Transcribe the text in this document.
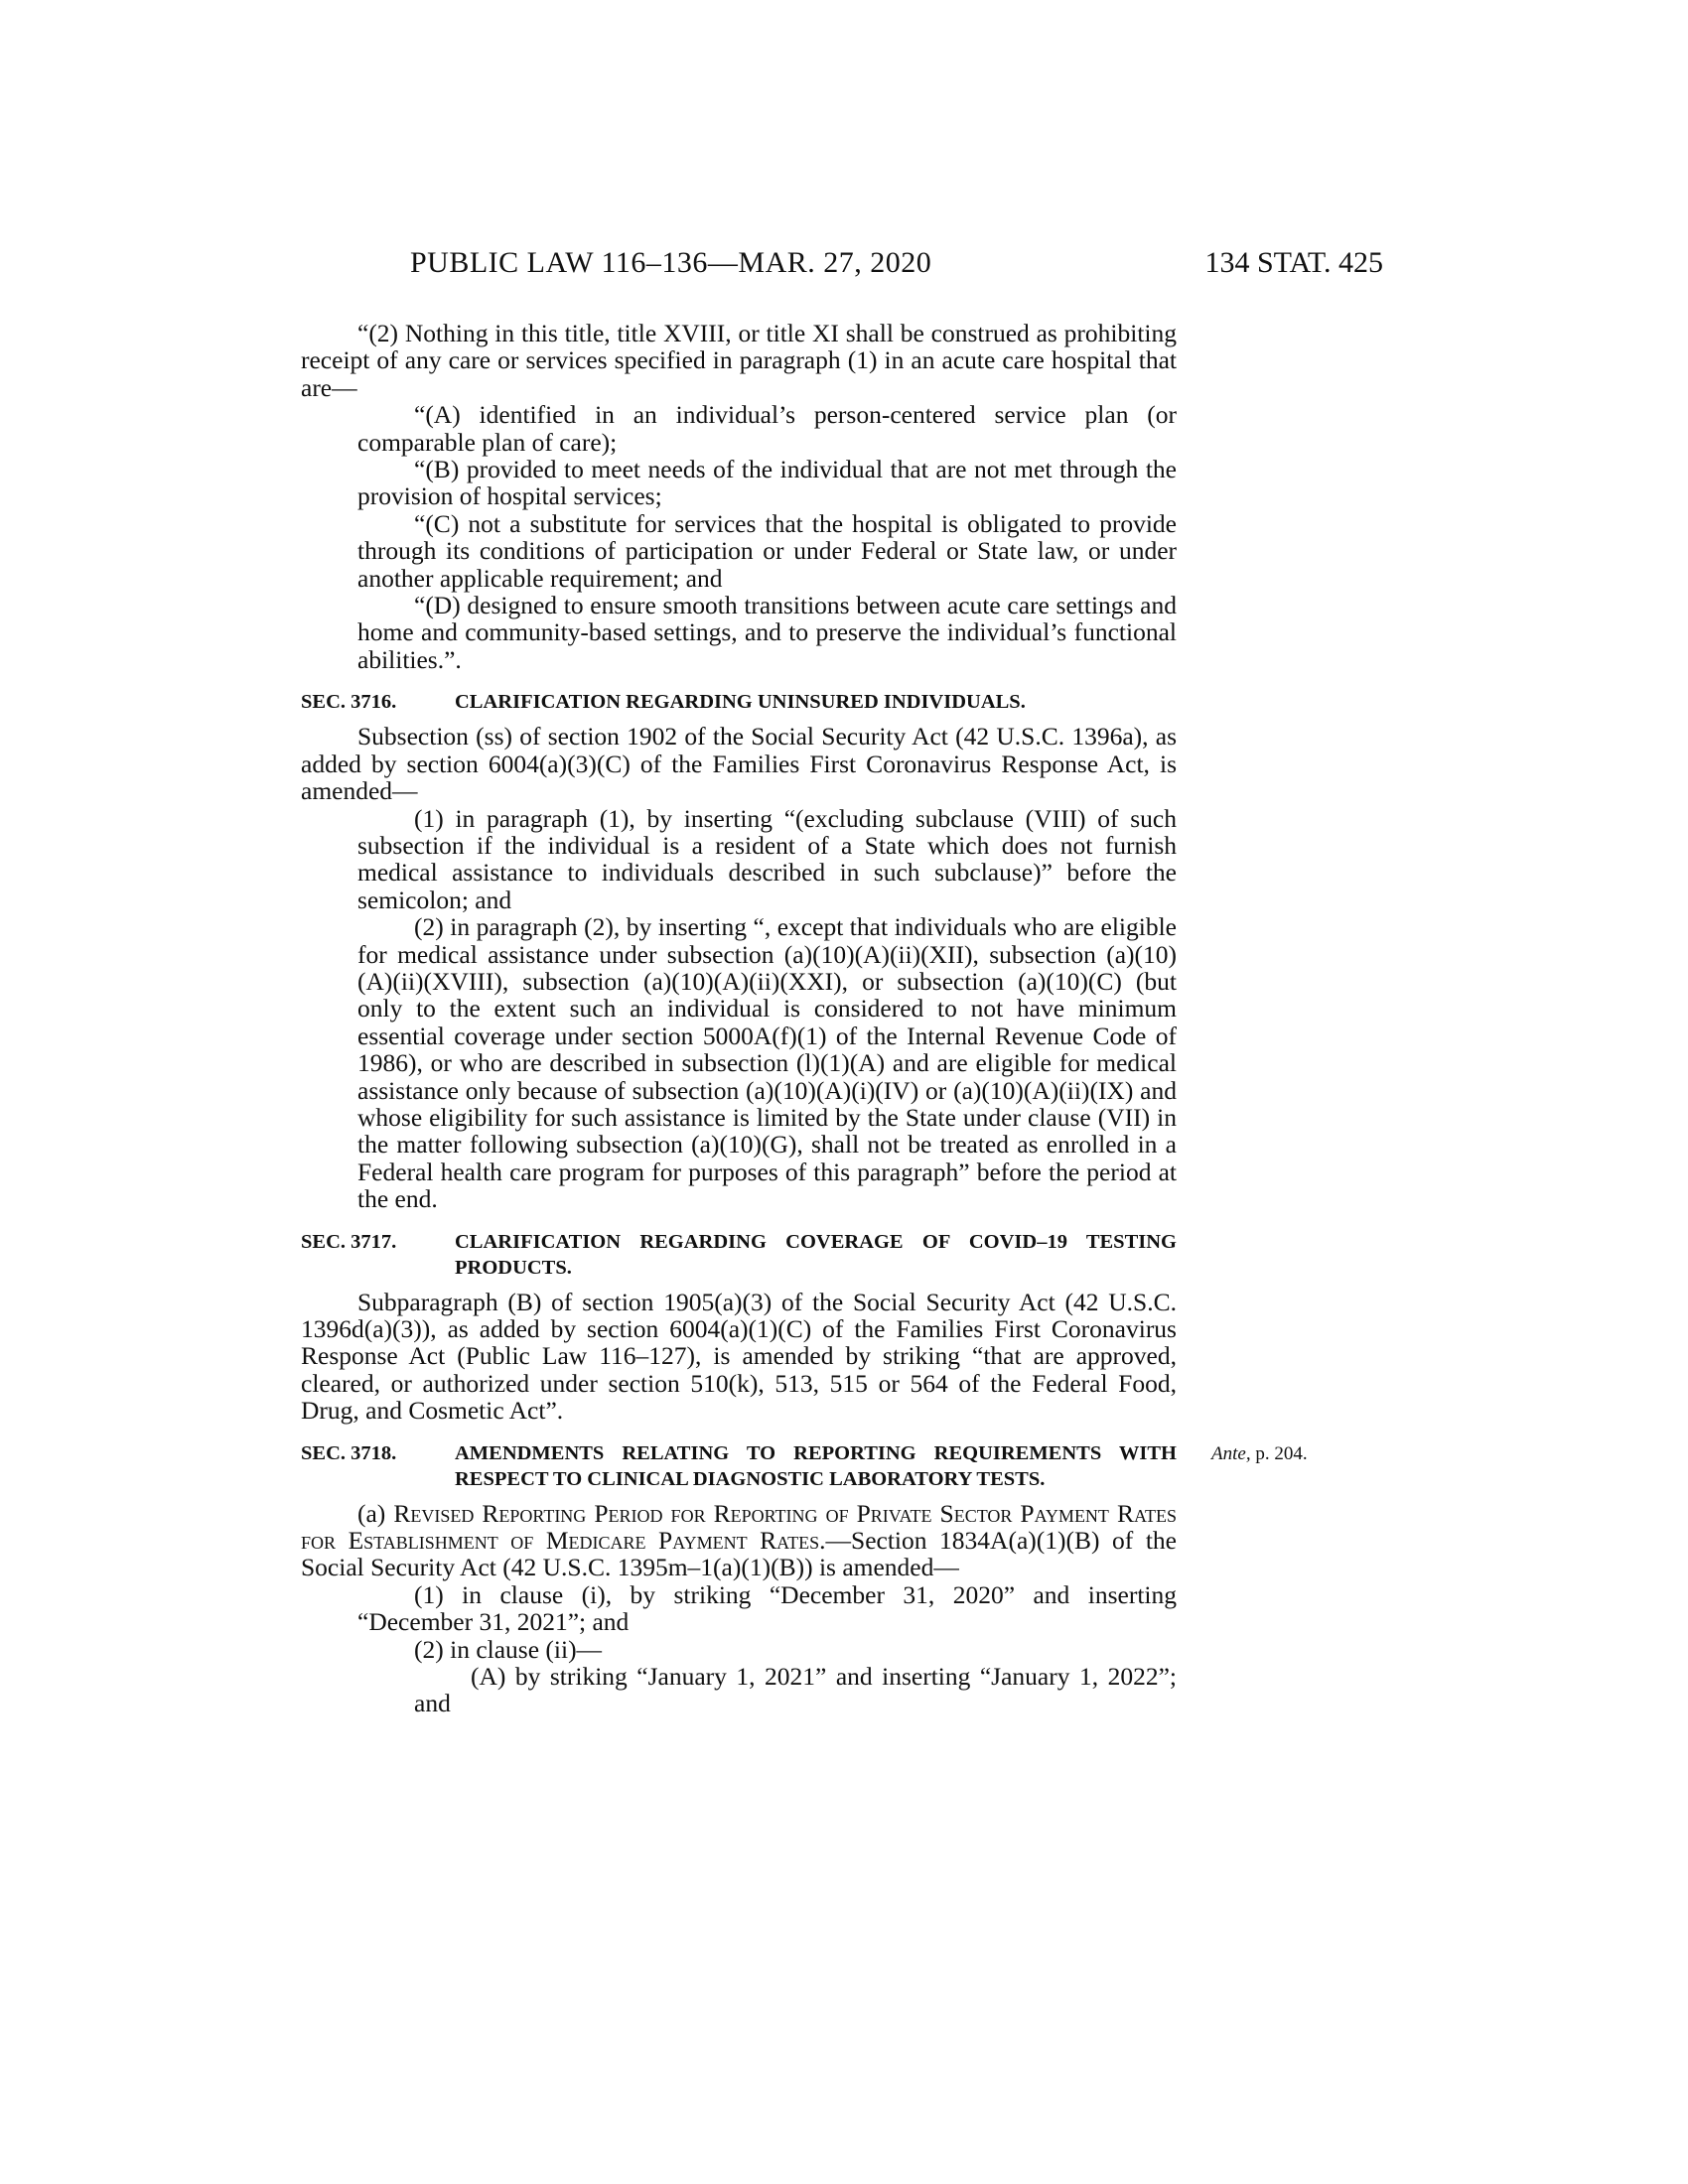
PUBLIC LAW 116–136—MAR. 27, 2020	134 STAT. 425

“(2) Nothing in this title, title XVIII, or title XI shall be construed as prohibiting receipt of any care or services specified in paragraph (1) in an acute care hospital that are—

“(A) identified in an individual’s person-centered service plan (or comparable plan of care);

“(B) provided to meet needs of the individual that are not met through the provision of hospital services;

“(C) not a substitute for services that the hospital is obligated to provide through its conditions of participation or under Federal or State law, or under another applicable requirement; and

“(D) designed to ensure smooth transitions between acute care settings and home and community-based settings, and to preserve the individual’s functional abilities.”.

SEC. 3716.	CLARIFICATION REGARDING UNINSURED INDIVIDUALS.

Subsection (ss) of section 1902 of the Social Security Act (42 U.S.C. 1396a), as added by section 6004(a)(3)(C) of the Families First Coronavirus Response Act, is amended—

(1) in paragraph (1), by inserting “(excluding subclause (VIII) of such subsection if the individual is a resident of a State which does not furnish medical assistance to individuals described in such subclause)” before the semicolon; and

(2) in paragraph (2), by inserting “, except that individuals who are eligible for medical assistance under subsection (a)(10)(A)(ii)(XII), subsection (a)(10)(A)(ii)(XVIII), subsection (a)(10)(A)(ii)(XXI), or subsection (a)(10)(C) (but only to the extent such an individual is considered to not have minimum essential coverage under section 5000A(f)(1) of the Internal Revenue Code of 1986), or who are described in subsection (l)(1)(A) and are eligible for medical assistance only because of subsection (a)(10)(A)(i)(IV) or (a)(10)(A)(ii)(IX) and whose eligibility for such assistance is limited by the State under clause (VII) in the matter following subsection (a)(10)(G), shall not be treated as enrolled in a Federal health care program for purposes of this paragraph” before the period at the end.

SEC. 3717.	CLARIFICATION REGARDING COVERAGE OF COVID–19 TESTING PRODUCTS.

Subparagraph (B) of section 1905(a)(3) of the Social Security Act (42 U.S.C. 1396d(a)(3)), as added by section 6004(a)(1)(C) of the Families First Coronavirus Response Act (Public Law 116–127), is amended by striking “that are approved, cleared, or authorized under section 510(k), 513, 515 or 564 of the Federal Food, Drug, and Cosmetic Act”.

SEC. 3718.	AMENDMENTS RELATING TO REPORTING REQUIREMENTS WITH RESPECT TO CLINICAL DIAGNOSTIC LABORATORY TESTS.

(a) Revised Reporting Period for Reporting of Private Sector Payment Rates for Establishment of Medicare Payment Rates.—Section 1834A(a)(1)(B) of the Social Security Act (42 U.S.C. 1395m–1(a)(1)(B)) is amended—

(1) in clause (i), by striking “December 31, 2020” and inserting “December 31, 2021”; and

(2) in clause (ii)—

(A) by striking “January 1, 2021” and inserting “January 1, 2022”; and

Ante, p. 204.
